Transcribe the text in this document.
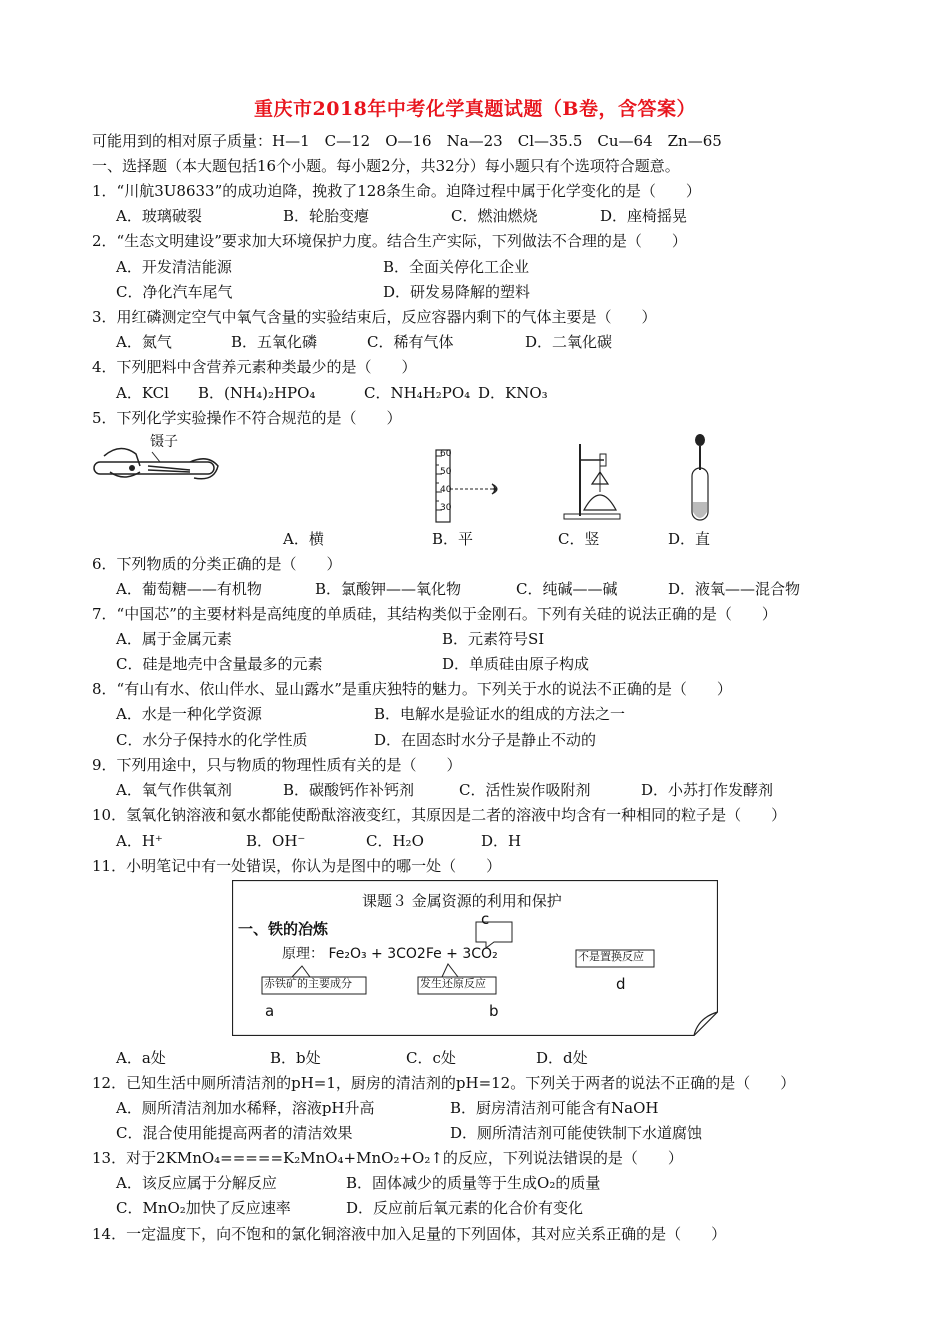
重庆市2018年中考化学真题试题（B卷，含答案）
可能用到的相对原子质量：H—1　C—12　O—16　Na—23　Cl—35.5　Cu—64　Zn—65
一、选择题（本大题包括16个小题。每小题2分，共32分）每小题只有个选项符合题意。
1．“川航3U8633”的成功迫降，挽救了128条生命。迫降过程中属于化学变化的是（　　）
A．玻璃破裂	B．轮胎变瘪	C．燃油燃烧	D．座椅摇晃
2．“生态文明建设”要求加大环境保护力度。结合生产实际，下列做法不合理的是（　　）
A．开发清洁能源	B．全面关停化工企业
C．净化汽车尾气	D．研发易降解的塑料
3．用红磷测定空气中氧气含量的实验结束后，反应容器内剩下的气体主要是（　　）
A．氮气	B．五氧化磷	C．稀有气体	D．二氧化碳
4．下列肥料中含营养元素种类最少的是（　　）
A．KCl B．(NH₄)₂HPO₄	C．NH₄H₂PO₄ D．KNO₃
5．下列化学实验操作不符合规范的是（　　）
镊子
60
50
40
30
A．横	B．平	C．竖	D．直
6．下列物质的分类正确的是（　　）
A．葡萄糖——有机物	B．氯酸钾——氧化物	C．纯碱——碱	D．液氧——混合物
7．“中国芯”的主要材料是高纯度的单质硅，其结构类似于金刚石。下列有关硅的说法正确的是（　　）
A．属于金属元素	B．元素符号SI
C．硅是地壳中含量最多的元素	D．单质硅由原子构成
8．“有山有水、依山伴水、显山露水”是重庆独特的魅力。下列关于水的说法不正确的是（　　）
A．水是一种化学资源	B．电解水是验证水的组成的方法之一
C．水分子保持水的化学性质	D．在固态时水分子是静止不动的
9．下列用途中，只与物质的物理性质有关的是（　　）
A．氧气作供氧剂	B．碳酸钙作补钙剂	C．活性炭作吸附剂	D．小苏打作发酵剂
10．氢氧化钠溶液和氨水都能使酚酞溶液变红，其原因是二者的溶液中均含有一种相同的粒子是（　　）
A．H⁺	B．OH⁻	C．H₂O	D．H
11．小明笔记中有一处错误，你认为是图中的哪一处（　　）
课题３ 金属资源的利用和保护
一、铁的冶炼
原理： Fe₂O₃ + 3CO2Fe + 3CO₂
赤铁矿的主要成分	发生还原反应
不是置换反应
a	b
c
d
A．a处	B．b处	C．c处	D．d处
12．已知生活中厕所清洁剂的pH=1，厨房的清洁剂的pH=12。下列关于两者的说法不正确的是（　　）
A．厕所清洁剂加水稀释，溶液pH升高	B．厨房清洁剂可能含有NaOH
C．混合使用能提高两者的清洁效果	D．厕所清洁剂可能使铁制下水道腐蚀
13．对于2KMnO₄=====K₂MnO₄+MnO₂+O₂↑的反应，下列说法错误的是（　　）
A．该反应属于分解反应	B．固体减少的质量等于生成O₂的质量
C．MnO₂加快了反应速率	D．反应前后氧元素的化合价有变化
14．一定温度下，向不饱和的氯化铜溶液中加入足量的下列固体，其对应关系正确的是（　　）
